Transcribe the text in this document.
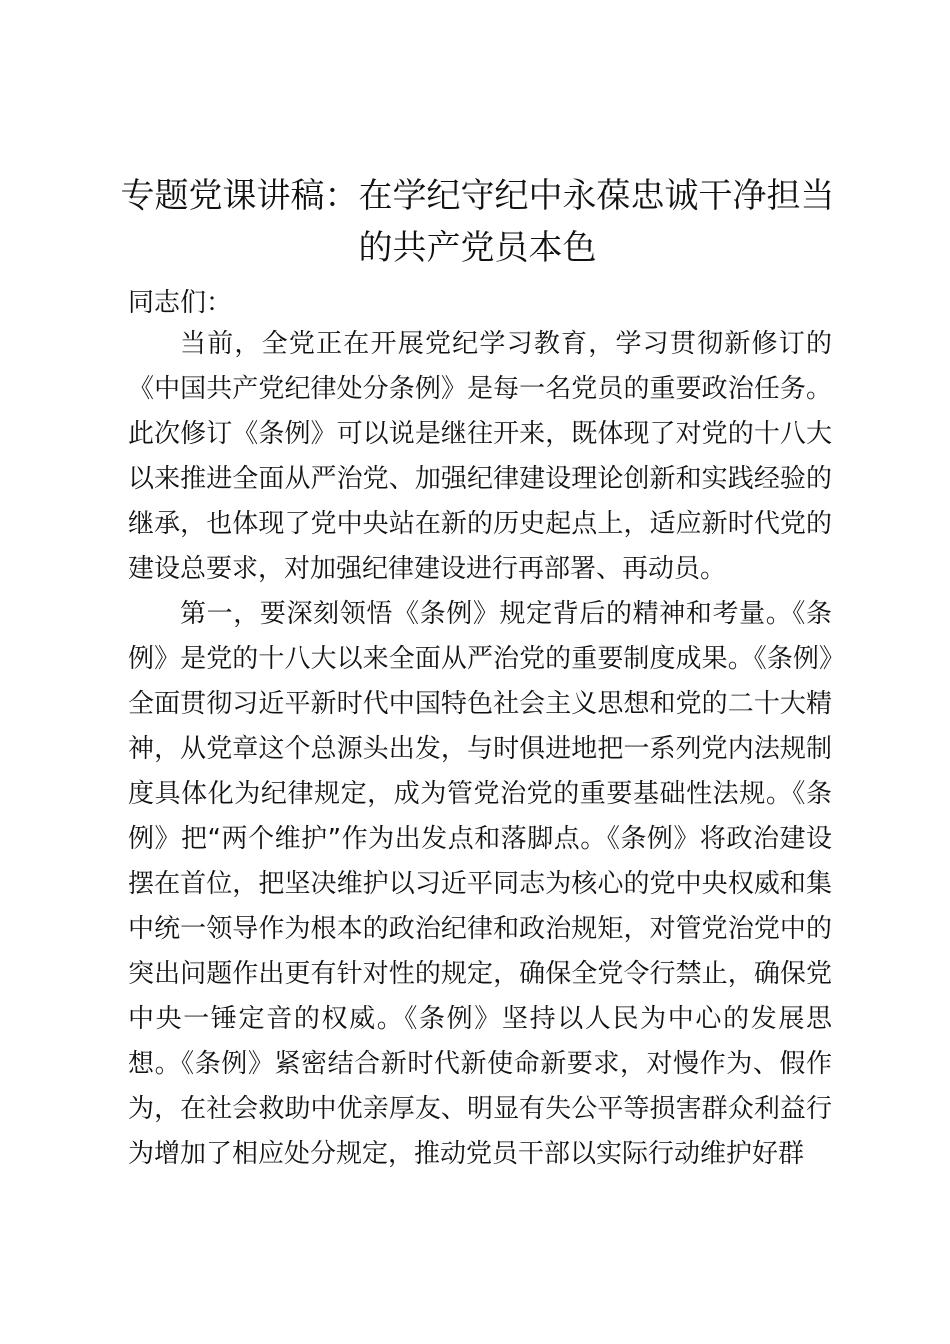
专题党课讲稿：在学纪守纪中永葆忠诚干净担当的共产党员本色
同志们：

当前，全党正在开展党纪学习教育，学习贯彻新修订的《中国共产党纪律处分条例》是每一名党员的重要政治任务。此次修订《条例》可以说是继往开来，既体现了对党的十八大以来推进全面从严治党、加强纪律建设理论创新和实践经验的继承，也体现了党中央站在新的历史起点上，适应新时代党的建设总要求，对加强纪律建设进行再部署、再动员。

第一，要深刻领悟《条例》规定背后的精神和考量。《条例》是党的十八大以来全面从严治党的重要制度成果。《条例》全面贯彻习近平新时代中国特色社会主义思想和党的二十大精神，从党章这个总源头出发，与时俱进地把一系列党内法规制度具体化为纪律规定，成为管党治党的重要基础性法规。《条例》把“两个维护”作为出发点和落脚点。《条例》将政治建设摆在首位，把坚决维护以习近平同志为核心的党中央权威和集中统一领导作为根本的政治纪律和政治规矩，对管党治党中的突出问题作出更有针对性的规定，确保全党令行禁止，确保党中央一锤定音的权威。《条例》坚持以人民为中心的发展思想。《条例》紧密结合新时代新使命新要求，对慢作为、假作为，在社会救助中优亲厚友、明显有失公平等损害群众利益行为增加了相应处分规定，推动党员干部以实际行动维护好群
